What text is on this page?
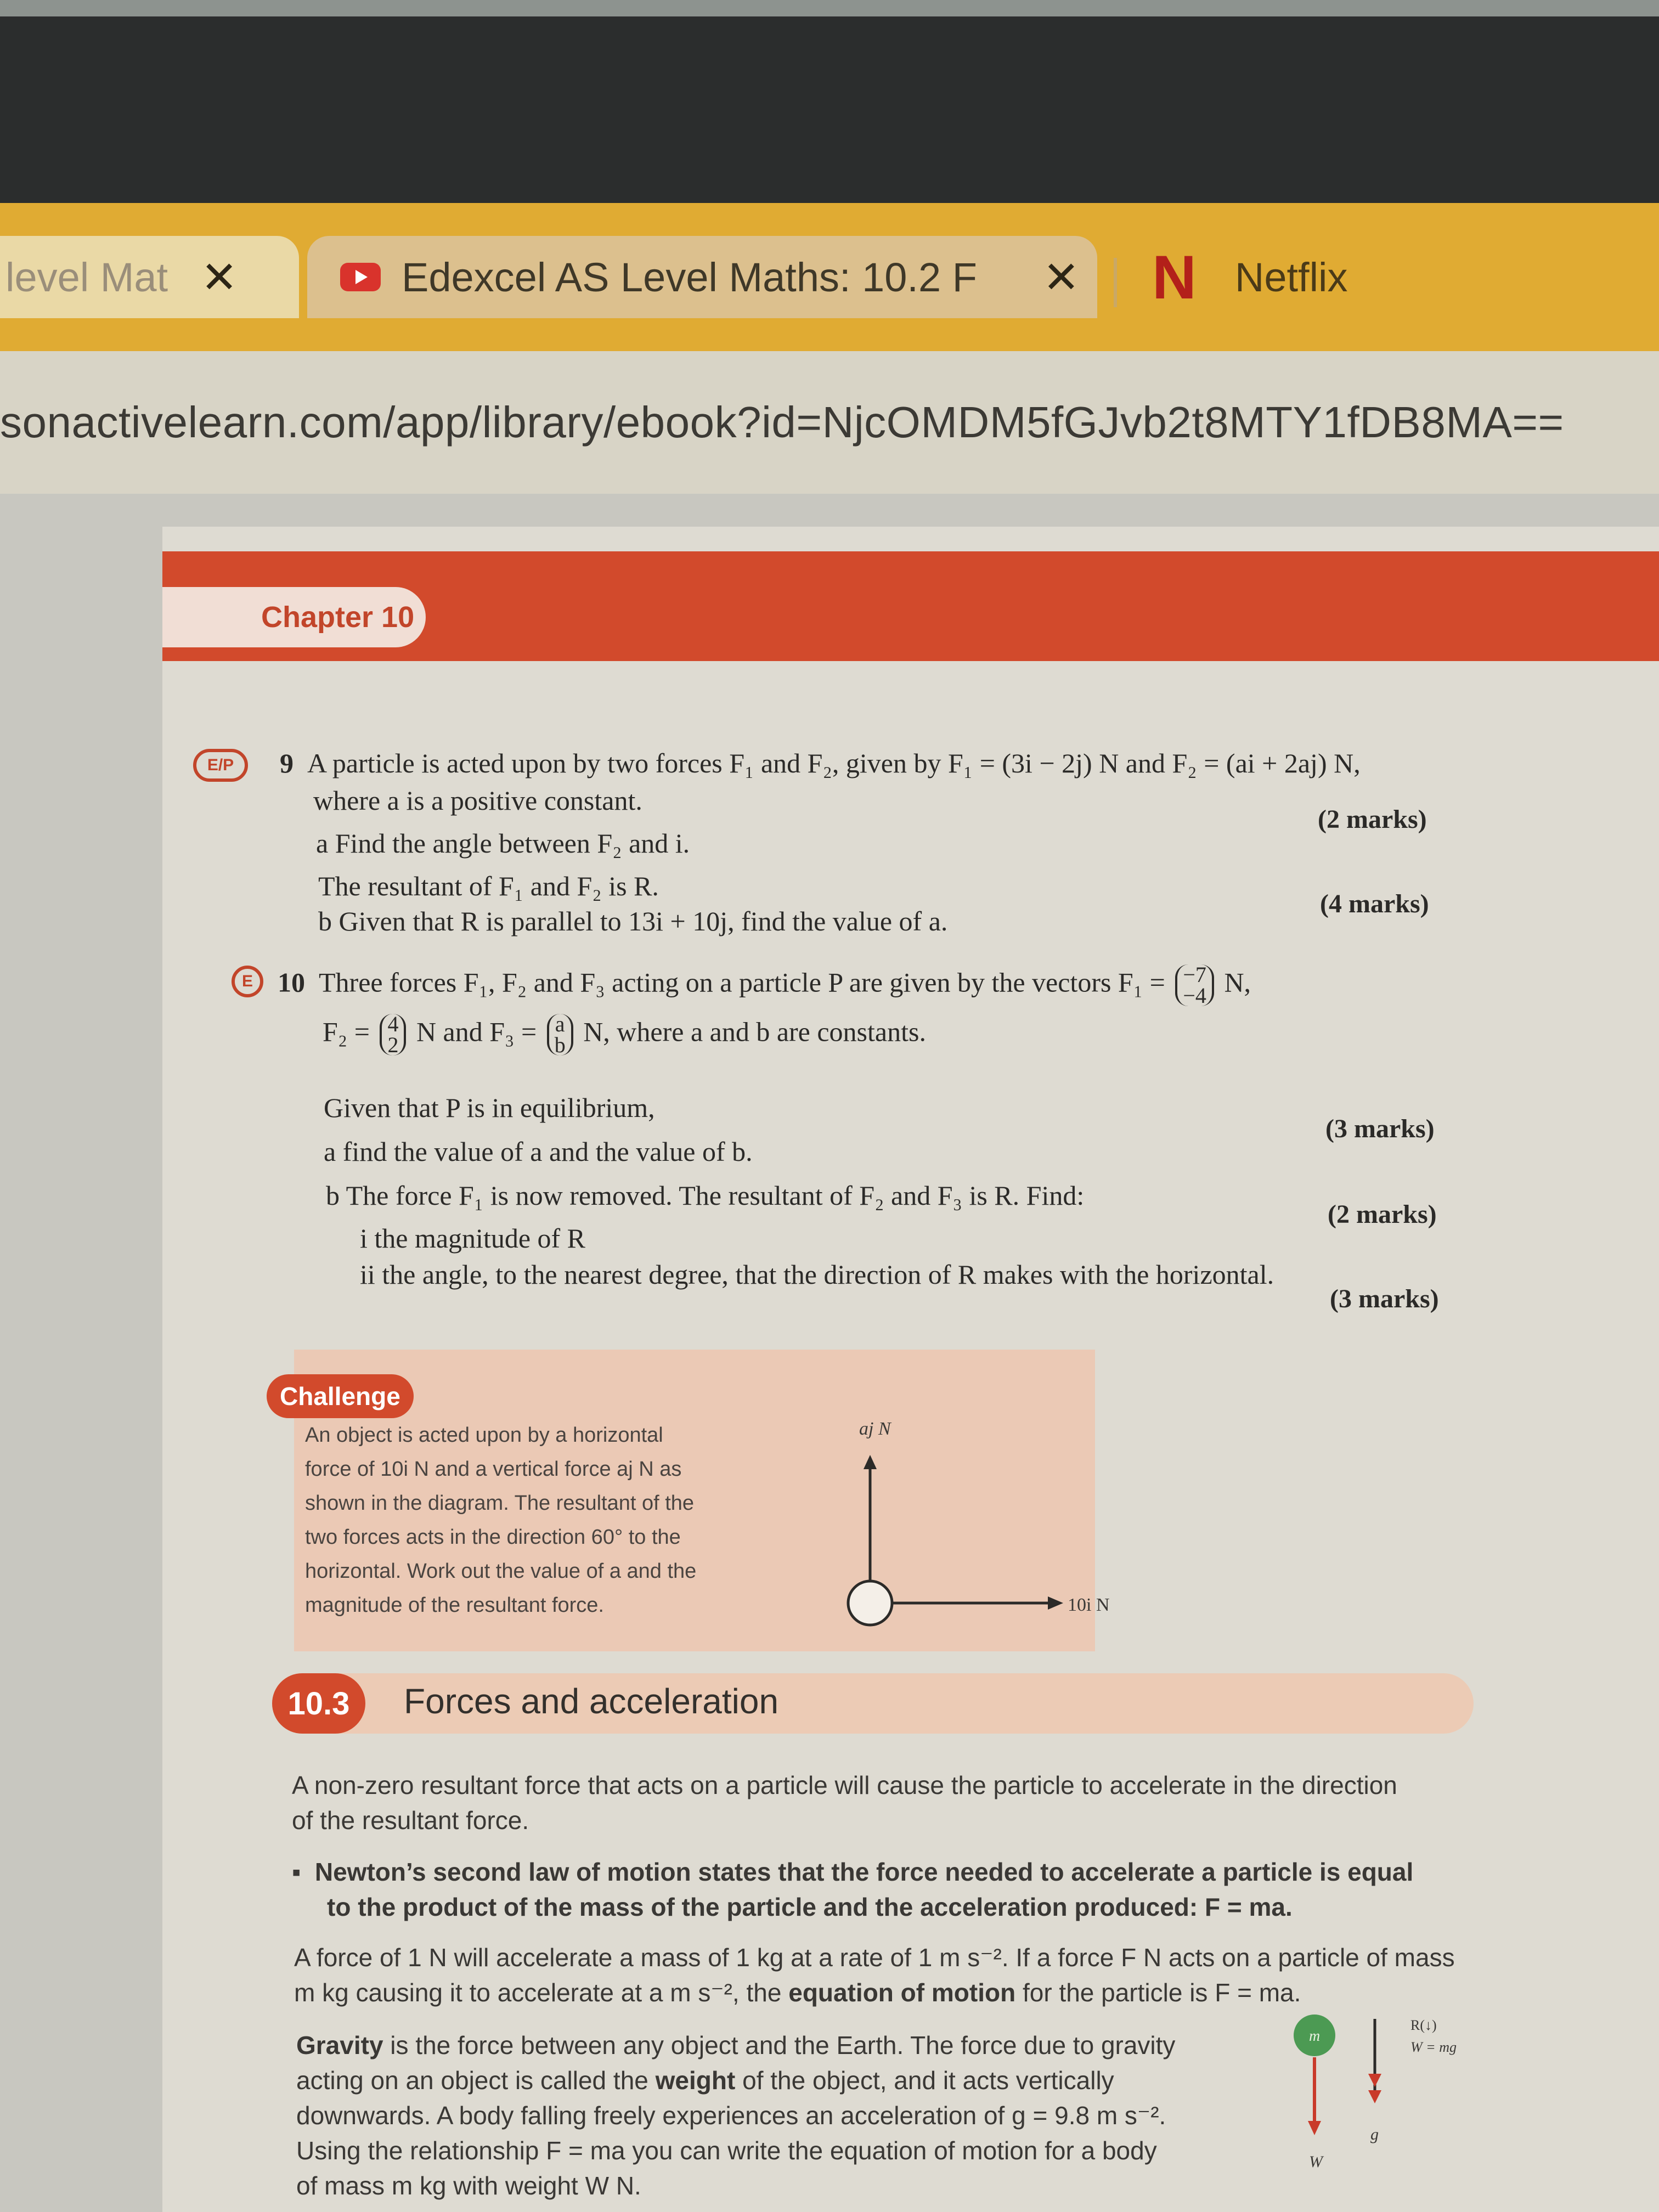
level Mat ✕	Edexcel AS Level Maths: 10.2 F ✕ N Netflix
sonactivelearn.com/app/library/ebook?id=NjcOMDM5fGJvb2t8MTY1fDB8MA==
Chapter 10
E/P	9 A particle is acted upon by two forces F₁ and F₂, given by F₁ = (3i − 2j) N and F₂ = (ai + 2aj) N,
where a is a positive constant.
a Find the angle between F₂ and i.
(2 marks)
The resultant of F₁ and F₂ is R.
b Given that R is parallel to 13i + 10j, find the value of a.
(4 marks)
E 10 Three forces F₁, F₂ and F₃ acting on a particle P are given by the vectors F₁ = −7
−4 N,
F₂ = 4
2 N and F₃ = a
b N, where a and b are constants.
Given that P is in equilibrium,
a find the value of a and the value of b.
(3 marks)
b The force F₁ is now removed. The resultant of F₂ and F₃ is R. Find:
i the magnitude of R
(2 marks)
ii the angle, to the nearest degree, that the direction of R makes with the horizontal.
(3 marks)
Challenge
An object is acted upon by a horizontal
force of 10i N and a vertical force aj N as
shown in the diagram. The resultant of the
two forces acts in the direction 60° to the
horizontal. Work out the value of a and the
magnitude of the resultant force.
aj N
10i N
10.3	Forces and acceleration
A non-zero resultant force that acts on a particle will cause the particle to accelerate in the direction
of the resultant force.
▪  Newton’s second law of motion states that the force needed to accelerate a particle is equal
to the product of the mass of the particle and the acceleration produced: F = ma.
A force of 1 N will accelerate a mass of 1 kg at a rate of 1 m s⁻². If a force F N acts on a particle of mass
m kg causing it to accelerate at a m s⁻², the equation of motion for the particle is F = ma.
Gravity is the force between any object and the Earth. The force due to gravity
acting on an object is called the weight of the object, and it acts vertically
downwards. A body falling freely experiences an acceleration of g = 9.8 m s⁻².
Using the relationship F = ma you can write the equation of motion for a body
of mass m kg with weight W N.
m
W
g
R(↓)
W = mg
